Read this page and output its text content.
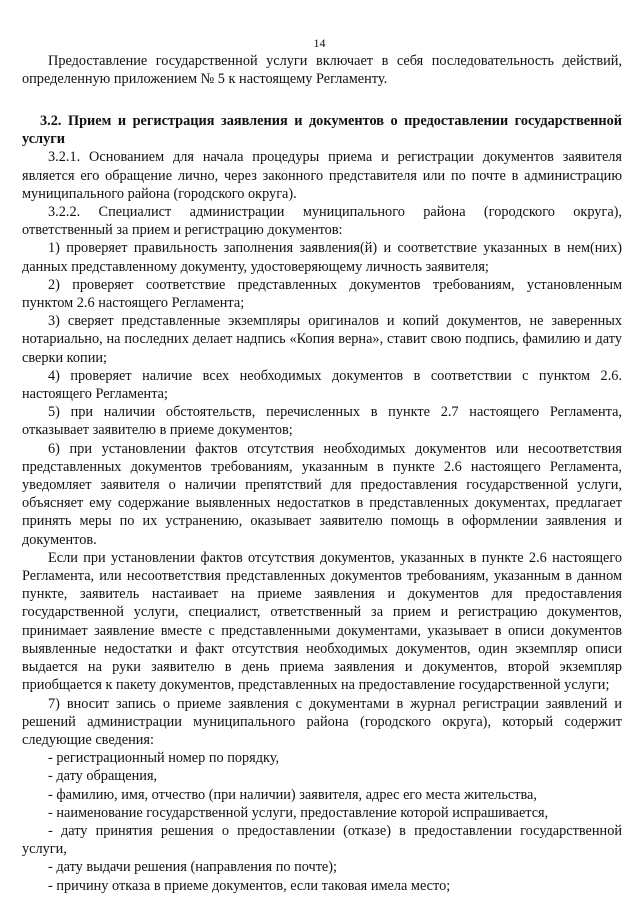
14

Предоставление государственной услуги включает в себя последовательность действий, определенную приложением № 5 к настоящему Регламенту.

3.2. Прием и регистрация заявления и документов о предоставлении государственной услуги

3.2.1. Основанием для начала процедуры приема и регистрации документов заявителя является его обращение лично, через законного представителя или по почте в администрацию муниципального района (городского округа).

3.2.2. Специалист администрации муниципального района (городского округа), ответственный за прием и регистрацию документов:

1) проверяет правильность заполнения заявления(й) и соответствие указанных в нем(них) данных представленному документу, удостоверяющему личность заявителя;

2) проверяет соответствие представленных документов требованиям, установленным пунктом 2.6 настоящего Регламента;

3) сверяет представленные экземпляры оригиналов и копий документов, не заверенных нотариально, на последних делает надпись «Копия верна», ставит свою подпись, фамилию и дату сверки копии;

4) проверяет наличие всех необходимых документов в соответствии с пунктом 2.6. настоящего Регламента;

5) при наличии обстоятельств, перечисленных в пункте 2.7 настоящего Регламента, отказывает заявителю в приеме документов;

6) при установлении фактов отсутствия необходимых документов или несоответствия представленных документов требованиям, указанным в пункте 2.6 настоящего Регламента, уведомляет заявителя о наличии препятствий для предоставления государственной услуги, объясняет ему содержание выявленных недостатков в представленных документах, предлагает принять меры по их устранению, оказывает заявителю помощь в оформлении заявления и документов.

Если при установлении фактов отсутствия документов, указанных в пункте 2.6 настоящего Регламента, или несоответствия представленных документов требованиям, указанным в данном пункте, заявитель настаивает на приеме заявления и документов для предоставления государственной услуги, специалист, ответственный за прием и регистрацию документов, принимает заявление вместе с представленными документами, указывает в описи документов выявленные недостатки и факт отсутствия необходимых документов, один экземпляр описи выдается на руки заявителю в день приема заявления и документов, второй экземпляр приобщается к пакету документов, представленных на предоставление государственной услуги;

7) вносит запись о приеме заявления с документами в журнал регистрации заявлений и решений администрации муниципального района (городского округа), который содержит следующие сведения:

- регистрационный номер по порядку,

- дату обращения,

- фамилию, имя, отчество (при наличии) заявителя, адрес его места жительства,

- наименование государственной услуги, предоставление которой испрашивается,

- дату принятия решения о предоставлении (отказе) в предоставлении государственной услуги,

- дату выдачи решения (направления по почте);

- причину отказа в приеме документов, если таковая имела место;
